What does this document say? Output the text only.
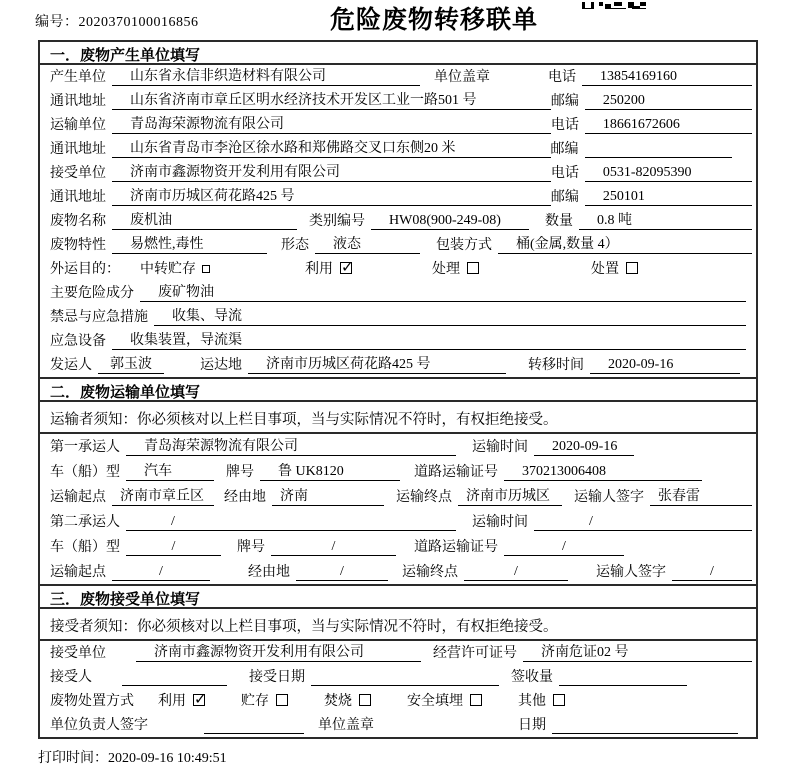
编号：2020370100016856	危险废物转移联单
一．废物产生单位填写
产生单位	山东省永信非织造材料有限公司	单位盖章	电话	13854169160
通讯地址	山东省济南市章丘区明水经济技术开发区工业一路501 号	邮编	250200
运输单位	青岛海荣源物流有限公司	电话	18661672606
通讯地址	山东省青岛市李沧区徐水路和郑佛路交叉口东侧20 米	邮编
接受单位	济南市鑫源物资开发利用有限公司	电话	0531-82095390
通讯地址	济南市历城区荷花路425 号	邮编	250101
废物名称	废机油	类别编号	HW08(900-249-08)	数量	0.8 吨
废物特性	易燃性,毒性	形态	液态	包装方式	桶(金属,数量 4）
外运目的： 中转贮存	利用 ✓	处理	处置
主要危险成分	废矿物油
禁忌与应急措施	收集、导流
应急设备	收集装置，导流渠
发运人	郭玉波	运达地	济南市历城区荷花路425 号	转移时间	2020-09-16
二．废物运输单位填写
运输者须知：你必须核对以上栏目事项，当与实际情况不符时，有权拒绝接受。
第一承运人	青岛海荣源物流有限公司	运输时间	2020-09-16
车（船）型	汽车	牌号	鲁 UK8120	道路运输证号	370213006408
运输起点	济南市章丘区	经由地	济南	运输终点	济南市历城区	运输人签字	张春雷
第二承运人	/	运输时间	/
车（船）型	/	牌号	/	道路运输证号	/
运输起点	/	经由地	/	运输终点	/	运输人签字	/
三．废物接受单位填写
接受者须知：你必须核对以上栏目事项，当与实际情况不符时，有权拒绝接受。
接受单位	济南市鑫源物资开发利用有限公司	经营许可证号	济南危证02 号
接受人	接受日期	签收量
废物处置方式 利用 ✓	贮存	焚烧	安全填埋	其他
单位负责人签字	单位盖章	日期
打印时间：2020-09-16 10:49:51
